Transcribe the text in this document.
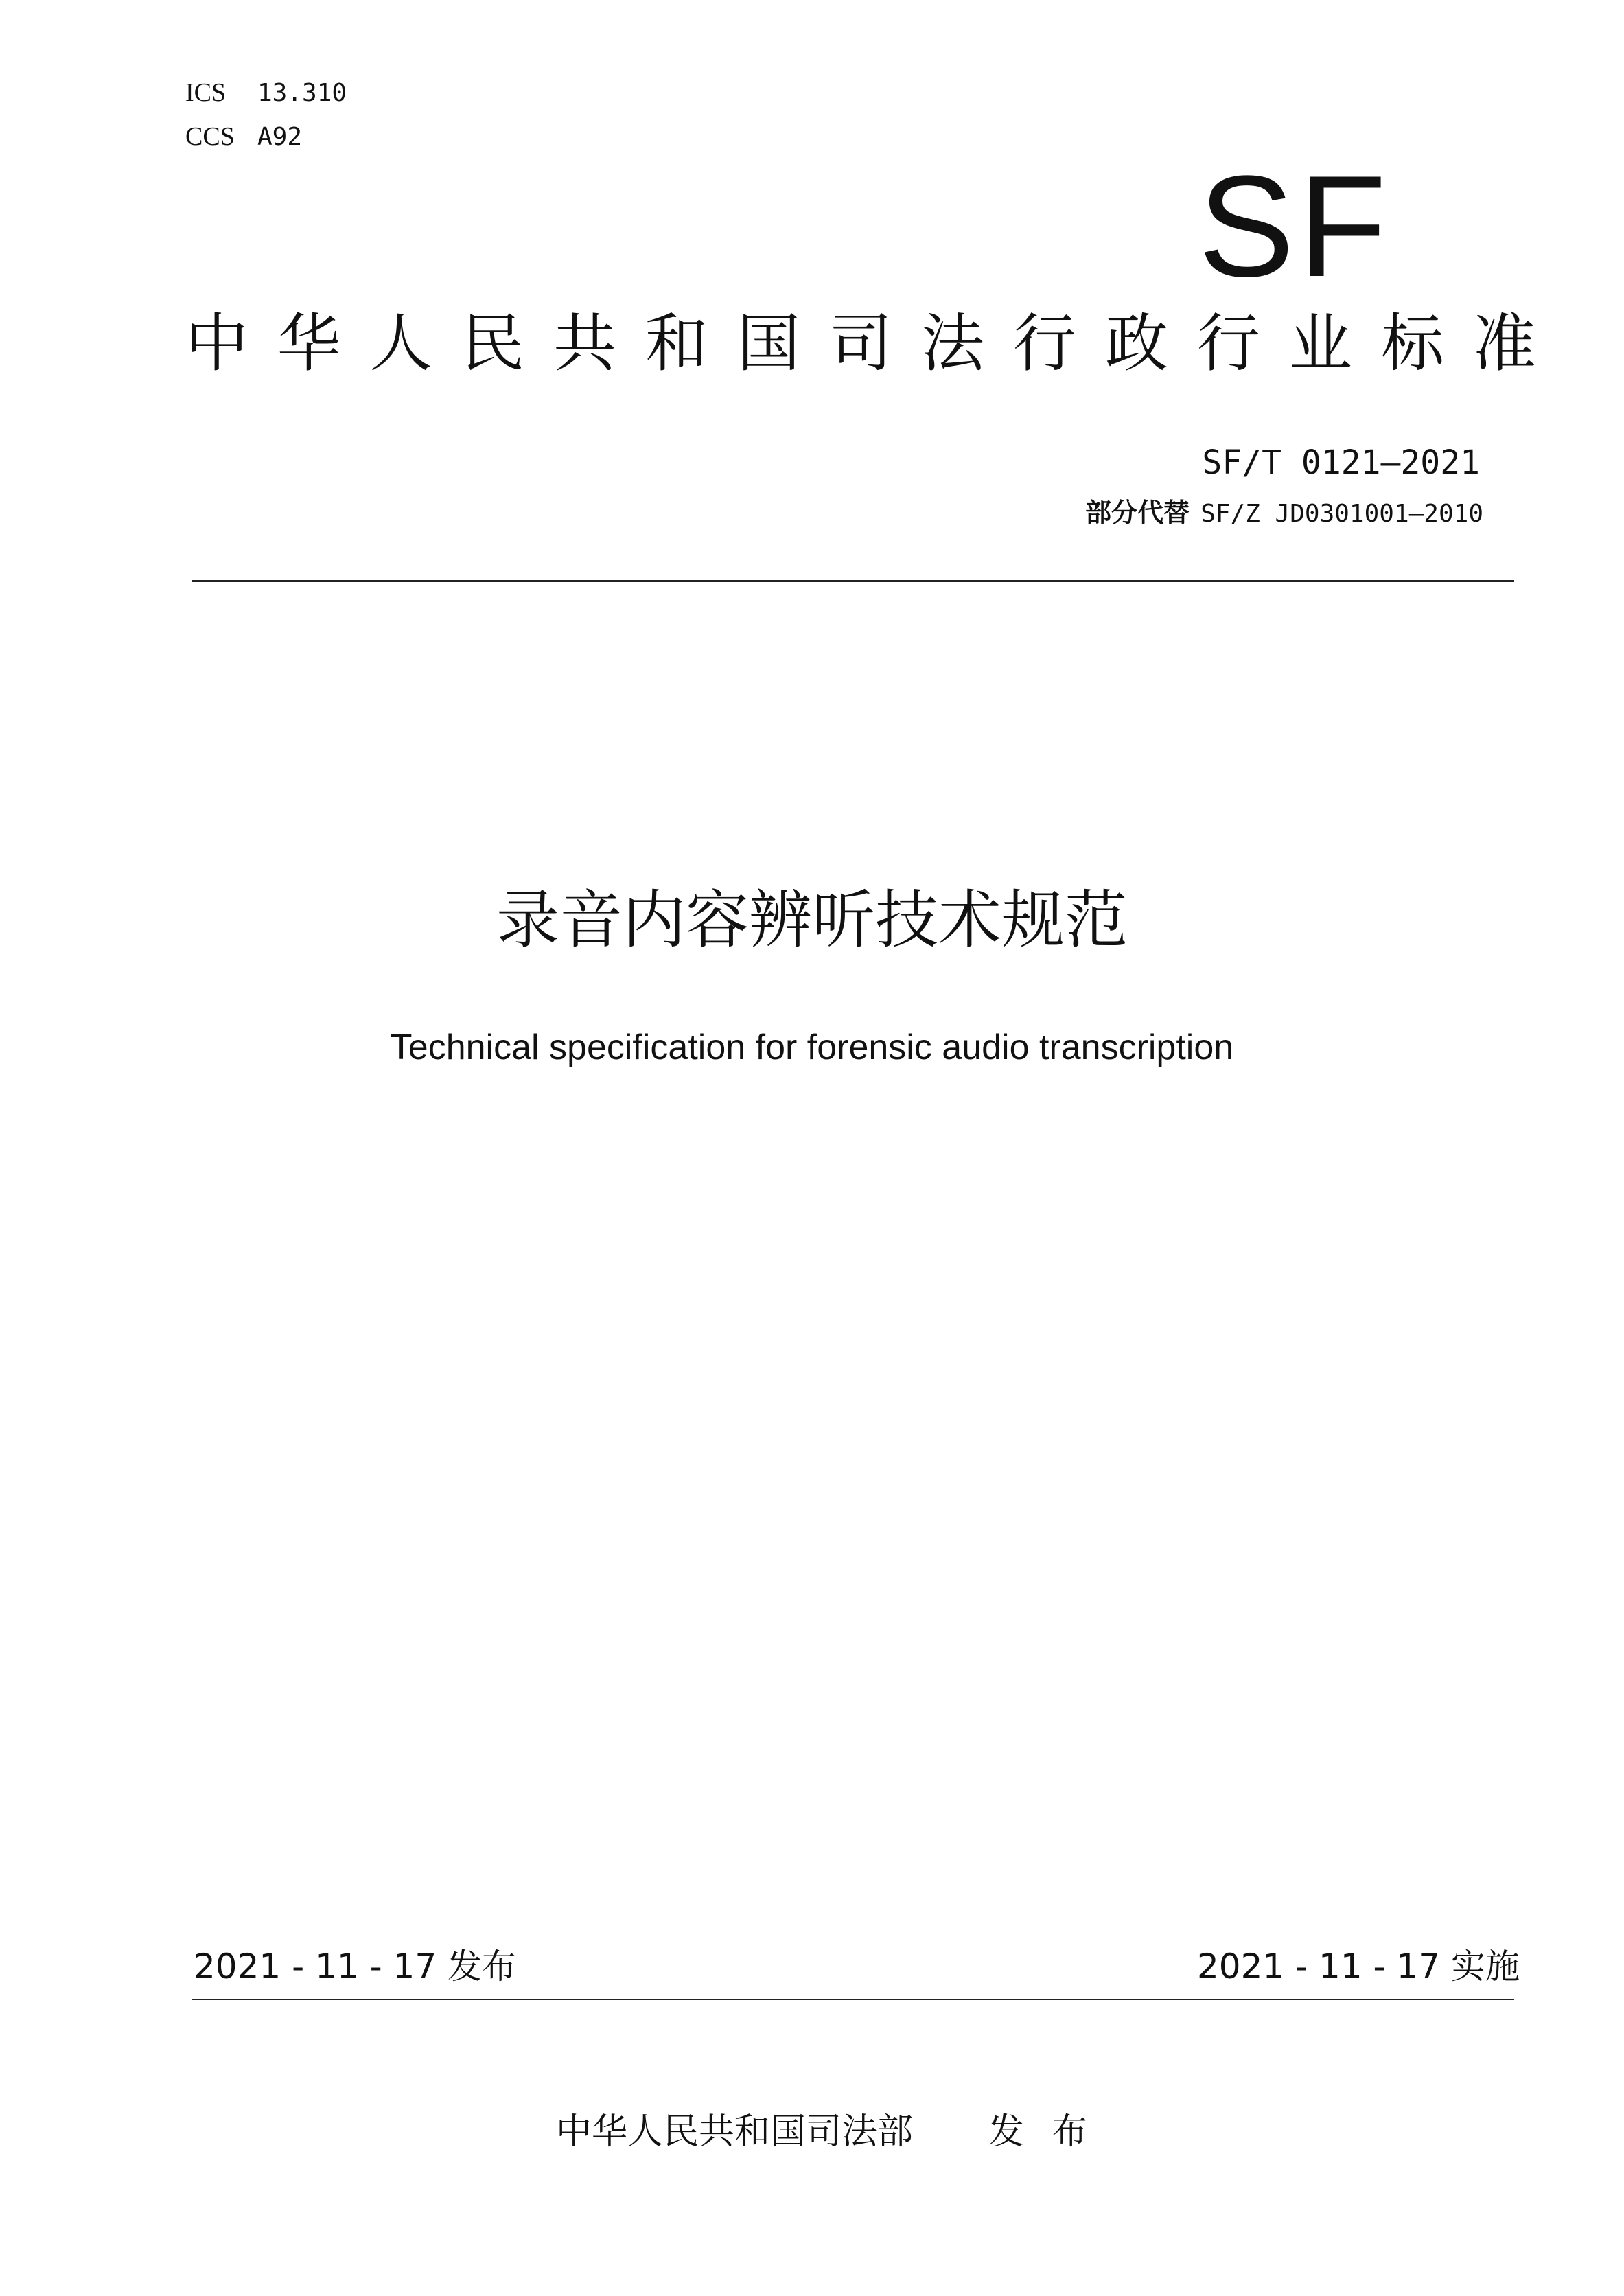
ICS 13.310
CCS A92
SF
中华人民共和国司法行政行业标准
SF/T 0121—2021
部分代替 SF/Z JD0301001—2010
录音内容辨听技术规范
Technical specification for forensic audio transcription
2021 - 11 - 17 发布	2021 - 11 - 17 实施
中华人民共和国司法部 发布
